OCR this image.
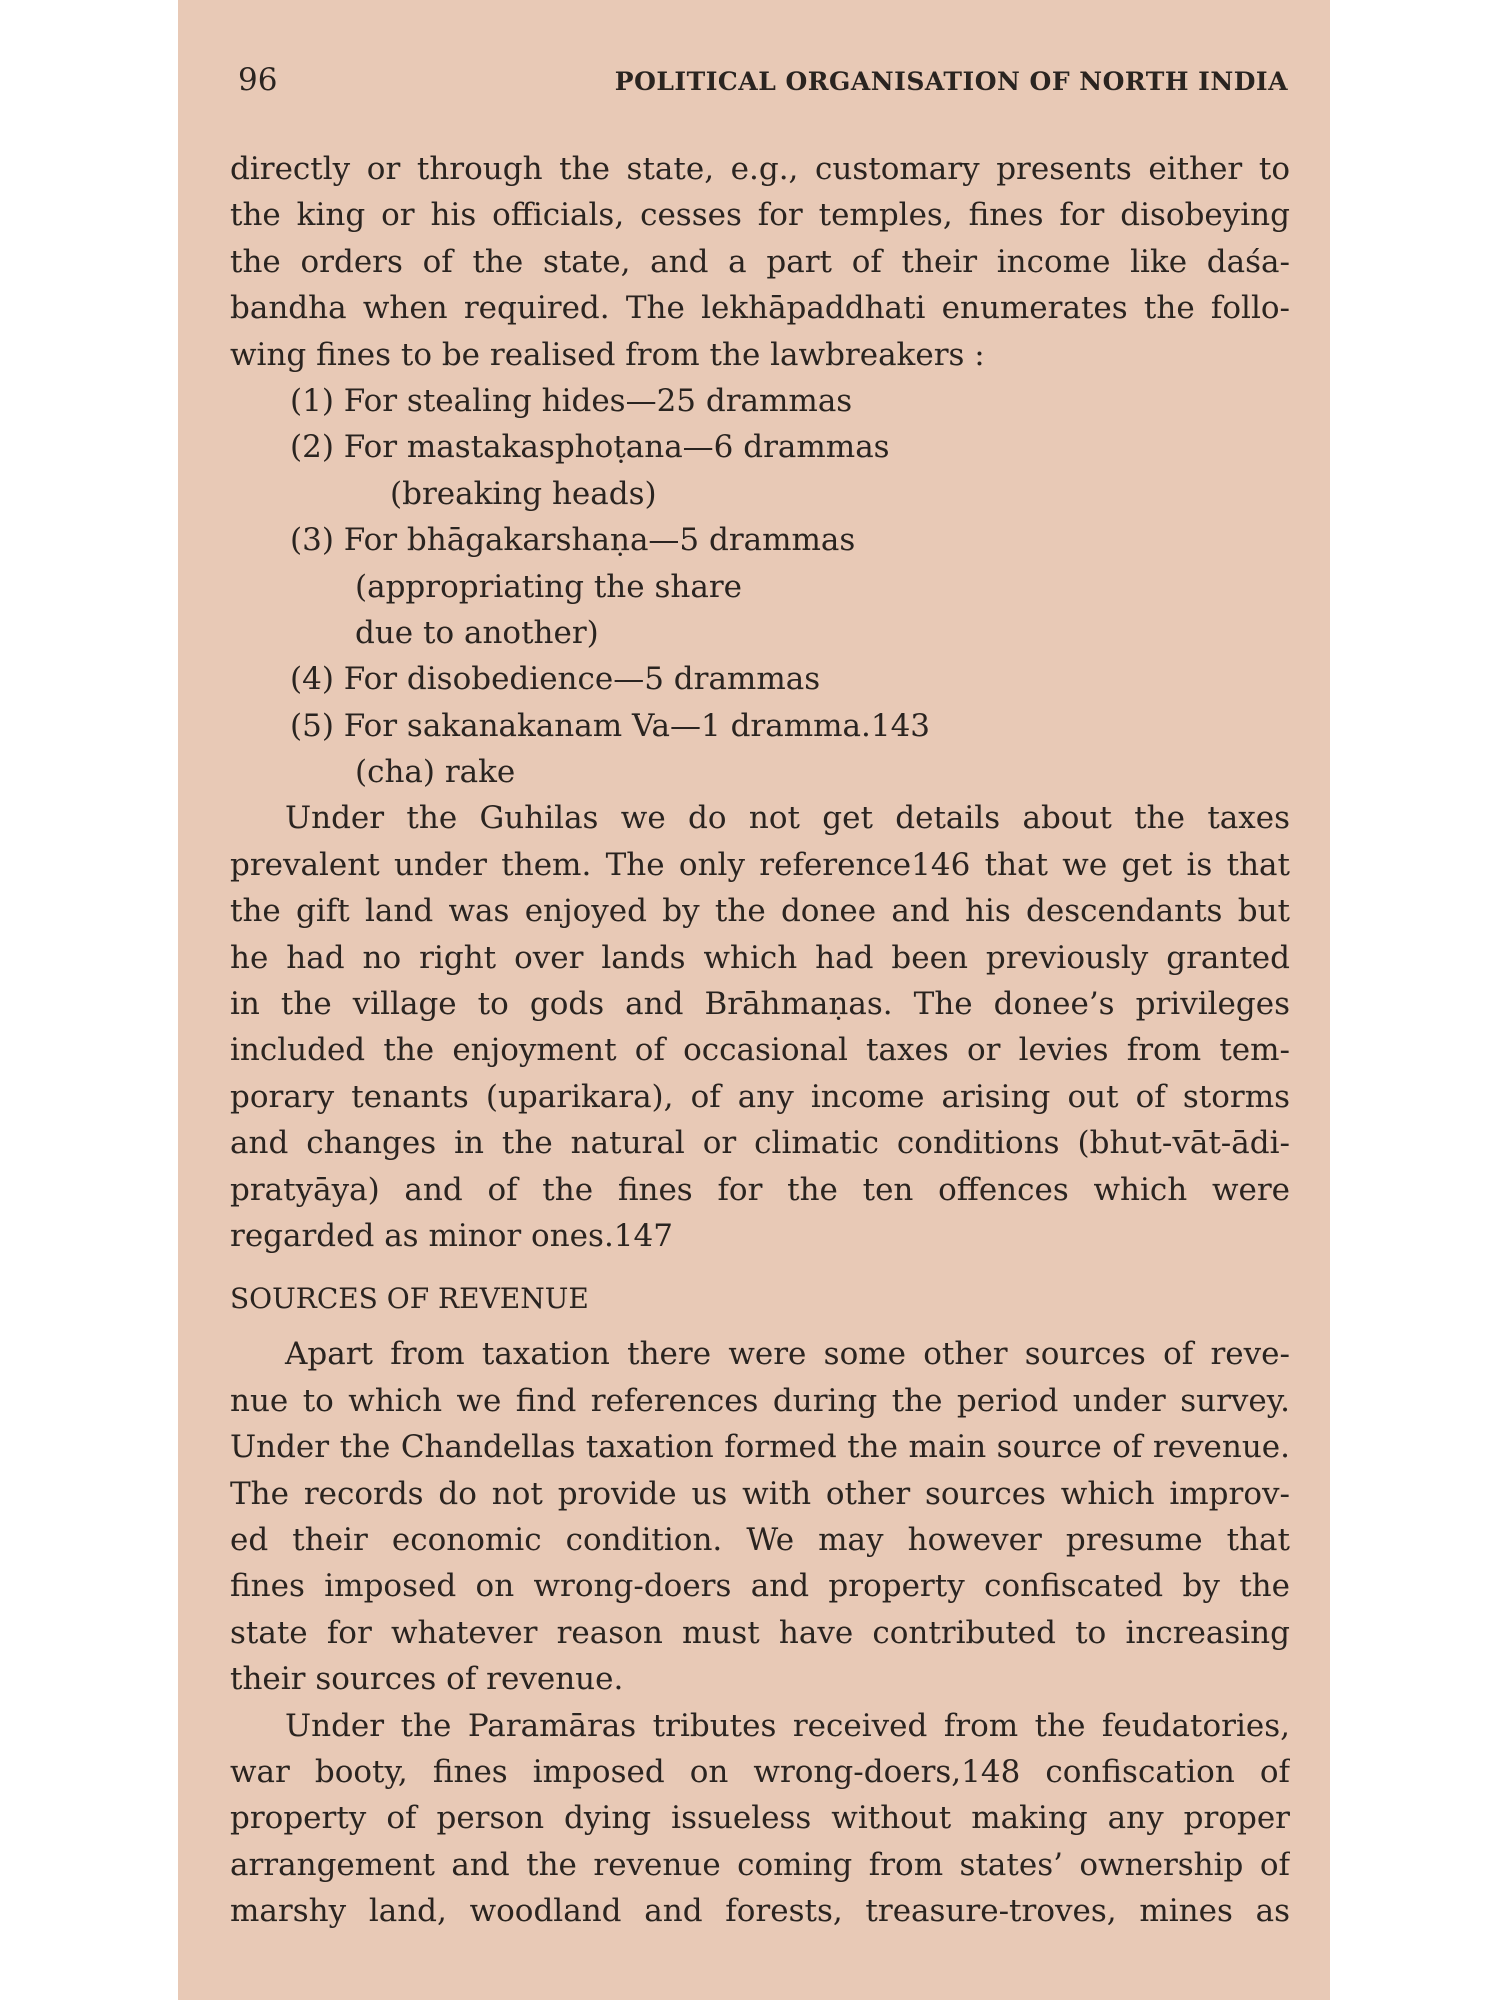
96	POLITICAL ORGANISATION OF NORTH INDIA
directly or through the state, e.g., customary presents either to
the king or his officials, cesses for temples, fines for disobeying
the orders of the state, and a part of their income like daśa-
bandha when required. The lekhāpaddhati enumerates the follo-
wing fines to be realised from the lawbreakers :
(1) For stealing hides—25 drammas
(2) For mastakasphoṭana—6 drammas
(breaking heads)
(3) For bhāgakarshaṇa—5 drammas
(appropriating the share
due to another)
(4) For disobedience—5 drammas
(5) For sakanakanam Va—1 dramma.143
(cha) rake
Under the Guhilas we do not get details about the taxes
prevalent under them. The only reference146 that we get is that
the gift land was enjoyed by the donee and his descendants but
he had no right over lands which had been previously granted
in the village to gods and Brāhmaṇas. The donee’s privileges
included the enjoyment of occasional taxes or levies from tem-
porary tenants (uparikara), of any income arising out of storms
and changes in the natural or climatic conditions (bhut-vāt-ādi-
pratyāya) and of the fines for the ten offences which were
regarded as minor ones.147
SOURCES OF REVENUE
Apart from taxation there were some other sources of reve-
nue to which we find references during the period under survey.
Under the Chandellas taxation formed the main source of revenue.
The records do not provide us with other sources which improv-
ed their economic condition. We may however presume that
fines imposed on wrong-doers and property confiscated by the
state for whatever reason must have contributed to increasing
their sources of revenue.
Under the Paramāras tributes received from the feudatories,
war booty, fines imposed on wrong-doers,148 confiscation of
property of person dying issueless without making any proper
arrangement and the revenue coming from states’ ownership of
marshy land, woodland and forests, treasure-troves, mines as
